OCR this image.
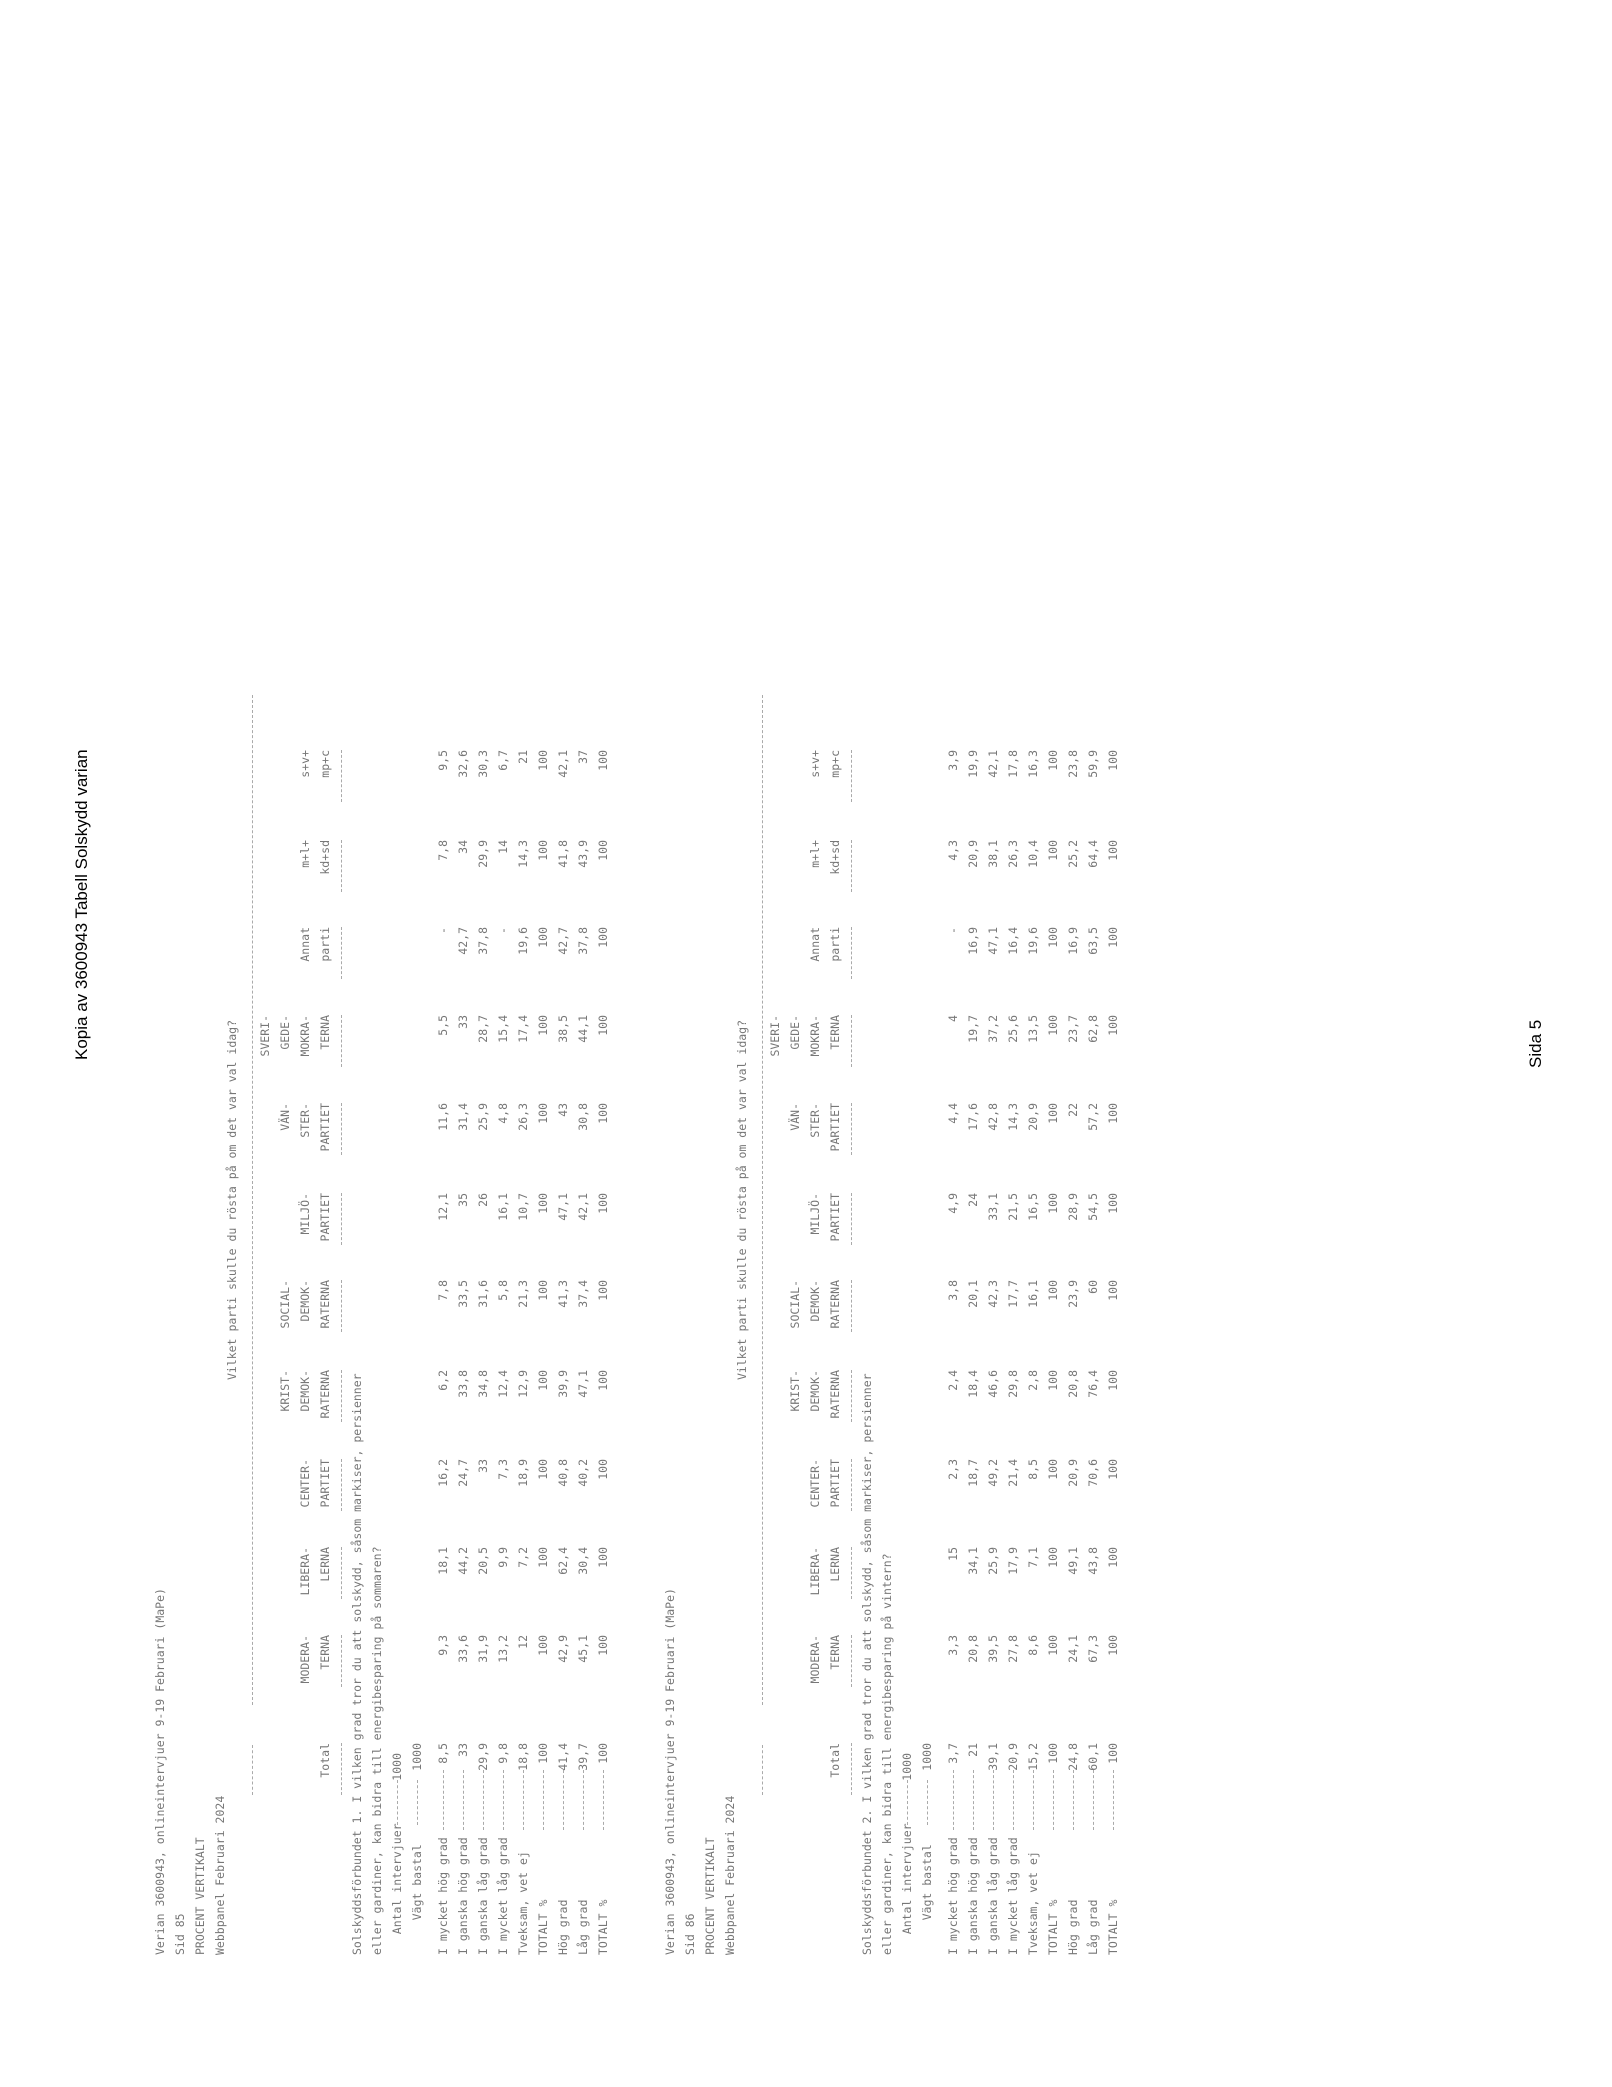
Kopia av 3600943 Tabell Solskydd varian	Sida 5
Verian 3600943, onlineintervjuer 9-19 Februari (MaPe) Sid 85 PROCENT VERTIKALT Webbpanel Februari 2024
Vilket parti skulle du rösta på om det var val idag?
Total
MODERA- TERNA
LIBERA- LERNA
CENTER- PARTIET
KRIST- DEMOK- RATERNA
SOCIAL- DEMOK- RATERNA
MILJÖ- PARTIET
VÄN- STER- PARTIET
SVERI- GEDE- MOKRA- TERNA
Annat parti
m+l+ kd+sd
s+v+ mp+c
Solskyddsförbundet 1. I vilken grad tror du att solskydd, såsom markiser, persienner eller gardiner, kan bidra till energibesparing på sommaren? Antal intervjuer
1000
Vägt bastal
1000
I mycket hög grad
8,5
9,3
18,1
16,2
6,2
7,8
12,1
11,6
5,5
-
7,8
9,5
I ganska hög grad
33
33,6
44,2
24,7
33,8
33,5
35
31,4
33
42,7
34
32,6
I ganska låg grad
29,9
31,9
20,5
33
34,8
31,6
26
25,9
28,7
37,8
29,9
30,3
I mycket låg grad
9,8
13,2
9,9
7,3
12,4
5,8
16,1
4,8
15,4
-
14
6,7
Tveksam, vet ej
18,8
12
7,2
18,9
12,9
21,3
10,7
26,3
17,4
19,6
14,3
21
TOTALT %
100
100
100
100
100
100
100
100
100
100
100
100
Hög grad
41,4
42,9
62,4
40,8
39,9
41,3
47,1
43
38,5
42,7
41,8
42,1
Låg grad
39,7
45,1
30,4
40,2
47,1
37,4
42,1
30,8
44,1
37,8
43,9
37
TOTALT %
100
100
100
100
100
100
100
100
100
100
100
100
Verian 3600943, onlineintervjuer 9-19 Februari (MaPe) Sid 86 PROCENT VERTIKALT Webbpanel Februari 2024
Vilket parti skulle du rösta på om det var val idag?
Total
MODERA- TERNA
LIBERA- LERNA
CENTER- PARTIET
KRIST- DEMOK- RATERNA
SOCIAL- DEMOK- RATERNA
MILJÖ- PARTIET
VÄN- STER- PARTIET
SVERI- GEDE- MOKRA- TERNA
Annat parti
m+l+ kd+sd
s+v+ mp+c
Solskyddsförbundet 2. I vilken grad tror du att solskydd, såsom markiser, persienner eller gardiner, kan bidra till energibesparing på vintern? Antal intervjuer
1000
Vägt bastal
1000
I mycket hög grad
3,7
3,3
15
2,3
2,4
3,8
4,9
4,4
4
-
4,3
3,9
I ganska hög grad
21
20,8
34,1
18,7
18,4
20,1
24
17,6
19,7
16,9
20,9
19,9
I ganska låg grad
39,1
39,5
25,9
49,2
46,6
42,3
33,1
42,8
37,2
47,1
38,1
42,1
I mycket låg grad
20,9
27,8
17,9
21,4
29,8
17,7
21,5
14,3
25,6
16,4
26,3
17,8
Tveksam, vet ej
15,2
8,6
7,1
8,5
2,8
16,1
16,5
20,9
13,5
19,6
10,4
16,3
TOTALT %
100
100
100
100
100
100
100
100
100
100
100
100
Hög grad
24,8
24,1
49,1
20,9
20,8
23,9
28,9
22
23,7
16,9
25,2
23,8
Låg grad
60,1
67,3
43,8
70,6
76,4
60
54,5
57,2
62,8
63,5
64,4
59,9
TOTALT %
100
100
100
100
100
100
100
100
100
100
100
100
